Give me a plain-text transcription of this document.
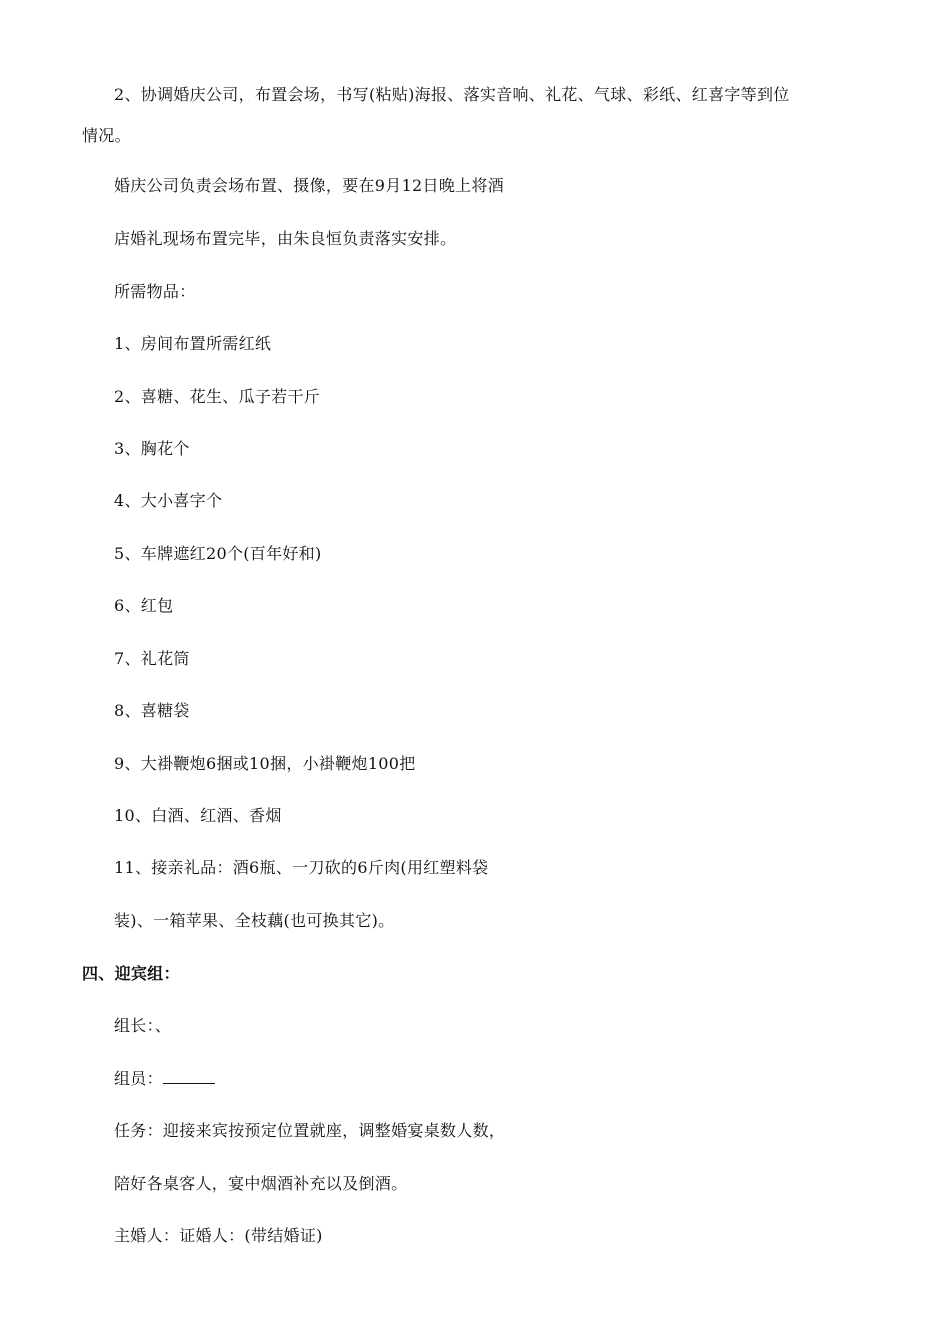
2、协调婚庆公司，布置会场，书写(粘贴)海报、落实音响、礼花、气球、彩纸、红喜字等到位
情况。
婚庆公司负责会场布置、摄像，要在9月12日晚上将酒
店婚礼现场布置完毕，由朱良恒负责落实安排。
所需物品：
1、房间布置所需红纸
2、喜糖、花生、瓜子若干斤
3、胸花个
4、大小喜字个
5、车牌遮红20个(百年好和)
6、红包
7、礼花筒
8、喜糖袋
9、大褂鞭炮6捆或10捆，小褂鞭炮100把
10、白酒、红酒、香烟
11、接亲礼品：酒6瓶、一刀砍的6斤肉(用红塑料袋
装)、一箱苹果、全枝藕(也可换其它)。
四、迎宾组：
组长：、
组员：
任务：迎接来宾按预定位置就座，调整婚宴桌数人数，
陪好各桌客人，宴中烟酒补充以及倒酒。
主婚人：证婚人：(带结婚证)
